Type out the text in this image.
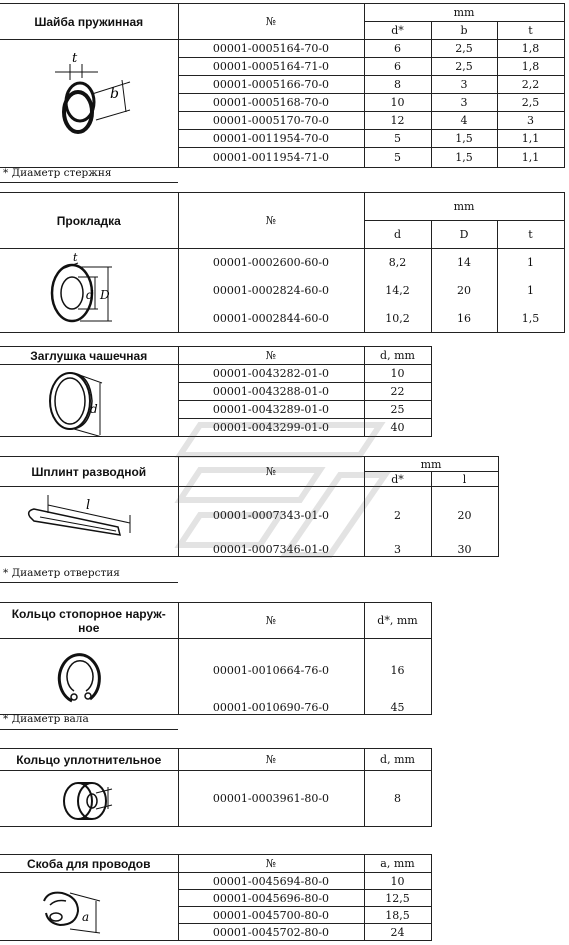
Шайба пружинная	№	mm		
		d*	b	t

t
b	00001-0005164-70-0	6	2,5	1,8
	00001-0005164-71-0	6	2,5	1,8
	00001-0005166-70-0	8	3	2,2
	00001-0005168-70-0	10	3	2,5
	00001-0005170-70-0	12	4	3
	00001-0011954-70-0	5	1,5	1,1
	00001-0011954-71-0	5	1,5	1,1
* Диаметр стержня
Прокладка	№	mm		
		d	D	t

t
d D	00001-0002600-60-0	8,2	14	1
	00001-0002824-60-0	14,2	20	1
	00001-0002844-60-0	10,2	16	1,5
Заглушка чашечная	№	d, mm

d	00001-0043282-01-0	10
	00001-0043288-01-0	22
	00001-0043289-01-0	25
	00001-0043299-01-0	40
Шплинт разводной	№	mm	
		d*	l

l	00001-0007343-01-0	2	20
	00001-0007346-01-0	3	30
* Диаметр отверстия
Кольцо стопорное наруж-
ное	№	d*, mm

	00001-0010664-76-0	16
	00001-0010690-76-0	45
* Диаметр вала
Кольцо уплотнительное	№	d, mm

	00001-0003961-80-0	8
Скоба для проводов	№	a, mm

a	00001-0045694-80-0	10
	00001-0045696-80-0	12,5
	00001-0045700-80-0	18,5
	00001-0045702-80-0	24
